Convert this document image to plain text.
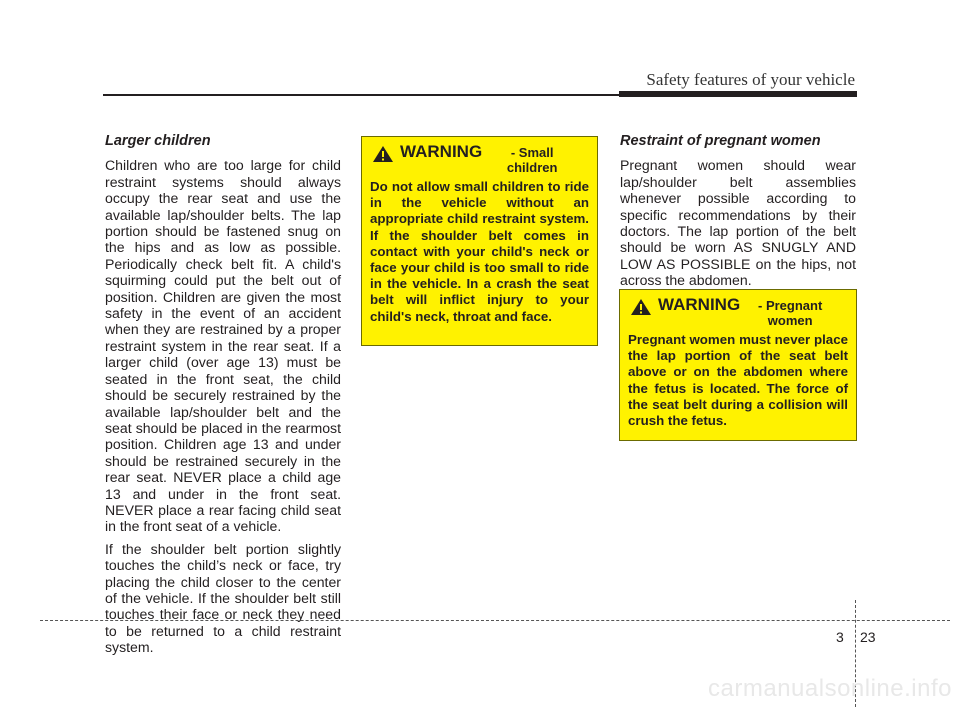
Safety features of your vehicle
Larger children

Children who are too large for child restraint systems should always occupy the rear seat and use the available lap/shoulder belts. The lap portion should be fastened snug on the hips and as low as possible. Periodically check belt fit. A child's squirming could put the belt out of position. Children are given the most safety in the event of an accident when they are restrained by a proper restraint system in the rear seat. If a larger child (over age 13) must be seated in the front seat, the child should be securely restrained by the available lap/shoulder belt and the seat should be placed in the rearmost position. Children age 13 and under should be restrained securely in the rear seat. NEVER place a child age 13 and under in the front seat. NEVER place a rear facing child seat in the front seat of a vehicle.

If the shoulder belt portion slightly touches the child’s neck or face, try placing the child closer to the center of the vehicle. If the shoulder belt still touches their face or neck they need to be returned to a child restraint system.

WARNING	- Small children

Do not allow small children to ride in the vehicle without an appropriate child restraint system. If the shoulder belt comes in contact with your child's neck or face your child is too small to ride in the vehicle. In a crash the seat belt will inflict injury to your child's neck, throat and face.

Restraint of pregnant women

Pregnant women should wear lap/shoulder belt assemblies whenever possible according to specific recommendations by their doctors. The lap portion of the belt should be worn AS SNUGLY AND LOW AS POSSIBLE on the hips, not across the abdomen.

WARNING	- Pregnant women

Pregnant women must never place the lap portion of the seat belt above or on the abdomen where the fetus is located. The force of the seat belt during a collision will crush the fetus.

3 23
carmanualsonline.info
